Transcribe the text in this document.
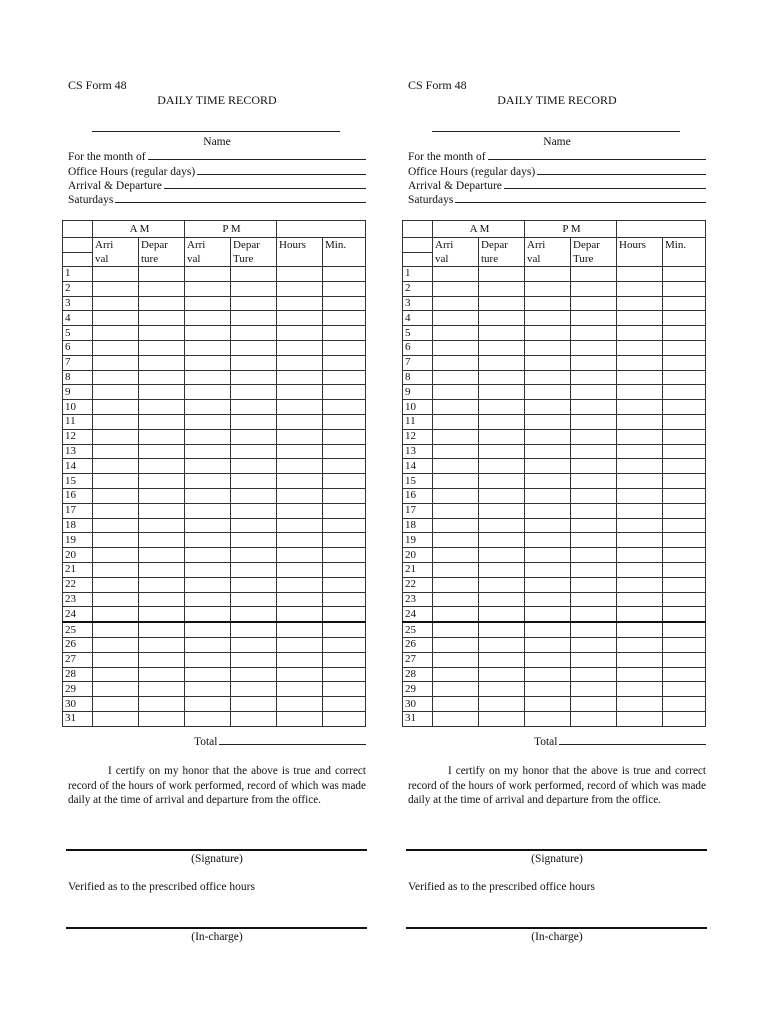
CS Form 48
DAILY TIME RECORD
Name
For the month of
Office Hours (regular days)
Arrival & Departure
Saturdays
	A M		P M			
	Arri	Depar	Arri	Depar	Hours	Min.
	val	ture	val	Ture		
1						
2						
3						
4						
5						
6						
7						
8						
9						
10						
11						
12						
13						
14						
15						
16						
17						
18						
19						
20						
21						
22						
23						
24						
25						
26						
27						
28						
29						
30						
31						
Total
I certify on my honor that the above is true and correct record of the hours of work performed, record of which was made daily at the time of arrival and departure from the office.
(Signature)
Verified as to the prescribed office hours
(In-charge)
CS Form 48
DAILY TIME RECORD
Name
For the month of
Office Hours (regular days)
Arrival & Departure
Saturdays
	A M		P M			
	Arri	Depar	Arri	Depar	Hours	Min.
	val	ture	val	Ture		
1						
2						
3						
4						
5						
6						
7						
8						
9						
10						
11						
12						
13						
14						
15						
16						
17						
18						
19						
20						
21						
22						
23						
24						
25						
26						
27						
28						
29						
30						
31						
Total
I certify on my honor that the above is true and correct record of the hours of work performed, record of which was made daily at the time of arrival and departure from the office.
(Signature)
Verified as to the prescribed office hours
(In-charge)
